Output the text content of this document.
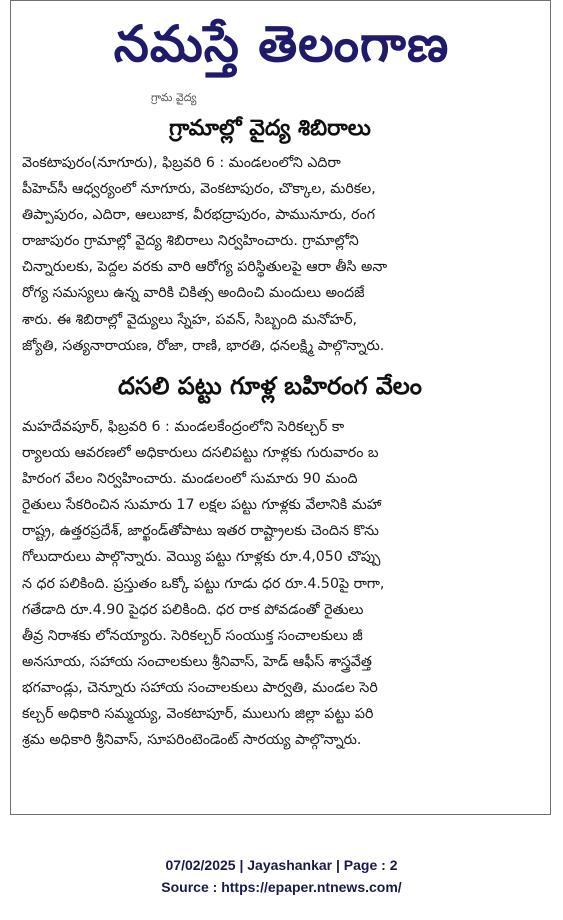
నమస్తే తెలంగాణ
గ్రామ వైద్య
గ్రామాల్లో వైద్య శిబిరాలు
వెంకటాపురం(నూగూరు), ఫిబ్రవరి 6 : మండలంలోని ఎదిరా
పీహెచ్‌సీ ఆధ్వర్యంలో నూగూరు, వెంకటాపురం, చొక్కాల, మరికల,
తిప్పాపురం, ఎదిరా, ఆలుబాక, వీరభద్రాపురం, పామునూరు, రంగ
రాజాపురం గ్రామాల్లో వైద్య శిబిరాలు నిర్వహించారు. గ్రామాల్లోని
చిన్నారులకు, పెద్దల వరకు వారి ఆరోగ్య పరిస్థితులపై ఆరా తీసి అనా
రోగ్య సమస్యలు ఉన్న వారికి చికిత్స అందించి మందులు అందజే
శారు. ఈ శిబిరాల్లో వైద్యులు స్నేహ, పవన్, సిబ్బంది మనోహర్,
జ్యోతి, సత్యనారాయణ, రోజా, రాణి, భారతి, ధనలక్ష్మి పాల్గొన్నారు.
దసలి పట్టు గూళ్ల బహిరంగ వేలం
మహదేవపూర్, ఫిబ్రవరి 6 : మండలకేంద్రంలోని సెరికల్చర్ కా
ర్యాలయ ఆవరణలో అధికారులు దసలిపట్టు గూళ్లకు గురువారం బ
హిరంగ వేలం నిర్వహించారు. మండలంలో సుమారు 90 మంది
రైతులు సేకరించిన సుమారు 17 లక్షల పట్టు గూళ్లకు వేలానికి మహా
రాష్ట్ర, ఉత్తరప్రదేశ్, జార్ఖండ్‌తోపాటు ఇతర రాష్ట్రాలకు చెందిన కొను
గోలుదారులు పాల్గొన్నారు. వెయ్యి పట్టు గూళ్లకు రూ.4,050 చొప్పు
న ధర పలికింది. ప్రస్తుతం ఒక్కో పట్టు గూడు ధర రూ.4.50పై రాగా,
గతేడాది రూ.4.90 పైధర పలికింది. ధర రాక పోవడంతో రైతులు
తీవ్ర నిరాశకు లోనయ్యారు. సెరికల్చర్ సంయుక్త సంచాలకులు జీ
అనసూయ, సహాయ సంచాలకులు శ్రీనివాస్, హెడ్ ఆఫీస్ శాస్త్రవేత్త
భగవాండ్లు, చెన్నూరు సహాయ సంచాలకులు పార్వతి, మండల సెరి
కల్చర్ అధికారి సమ్మయ్య, వెంకటాపూర్, ములుగు జిల్లా పట్టు పరి
శ్రమ అధికారి శ్రీనివాస్, సూపరింటెండెంట్ సారయ్య పాల్గొన్నారు.
07/02/2025 | Jayashankar | Page : 2
Source : https://epaper.ntnews.com/
